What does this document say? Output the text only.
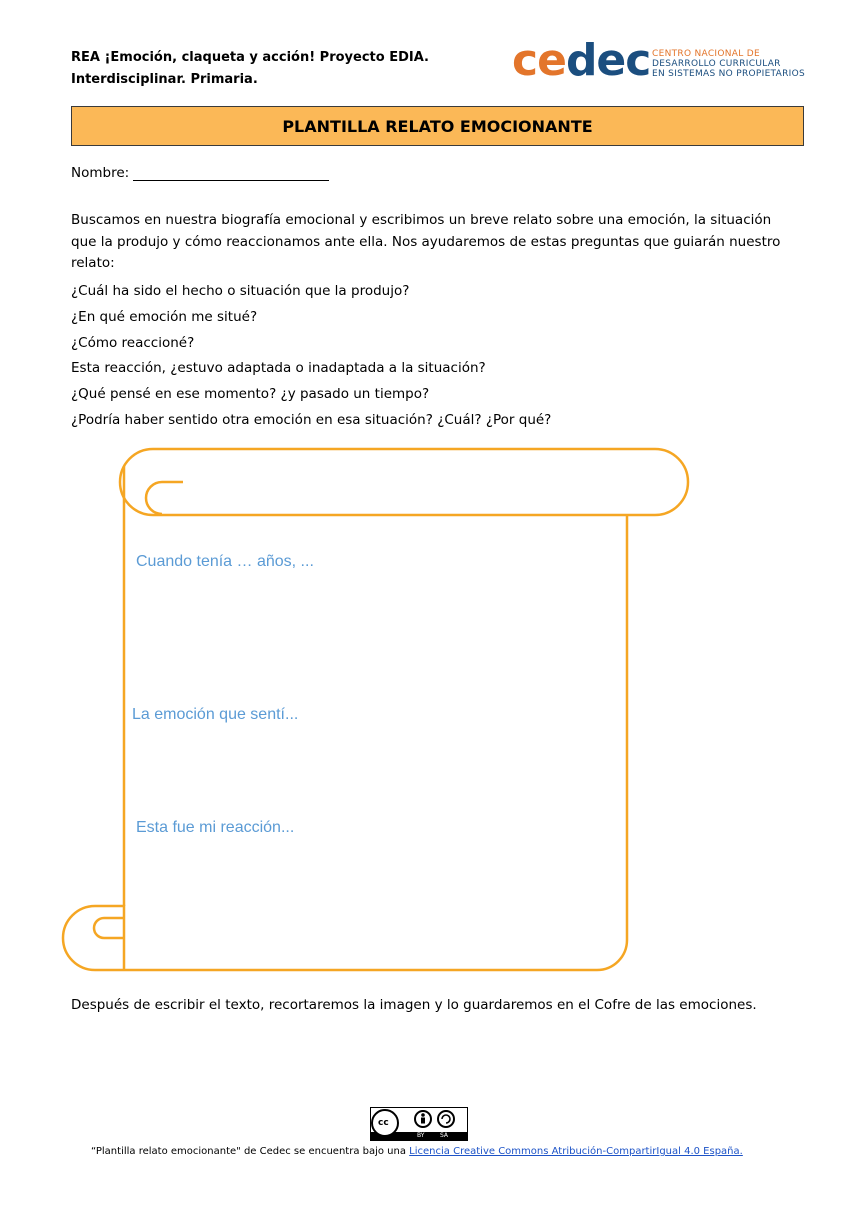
REA ¡Emoción, claqueta y acción! Proyecto EDIA.
Interdisciplinar. Primaria.	cedec CENTRO NACIONAL DE
DESARROLLO CURRICULAR
EN SISTEMAS NO PROPIETARIOS
PLANTILLA RELATO EMOCIONANTE
Nombre:
Buscamos en nuestra biografía emocional y escribimos un breve relato sobre una emoción, la situación que la produjo y cómo reaccionamos ante ella. Nos ayudaremos de estas preguntas que guiarán nuestro relato:
¿Cuál ha sido el hecho o situación que la produjo?
¿En qué emoción me situé?
¿Cómo reaccioné?
Esta reacción, ¿estuvo adaptada o inadaptada a la situación?
¿Qué pensé en ese momento? ¿y pasado un tiempo?
¿Podría haber sentido otra emoción en esa situación? ¿Cuál? ¿Por qué?
Cuando tenía … años, ...
La emoción que sentí...
Esta fue mi reacción...
Después de escribir el texto, recortaremos la imagen y lo guardaremos en el Cofre de las emociones.
cc
BY	SA
“Plantilla relato emocionante" de Cedec se encuentra bajo una Licencia Creative Commons Atribución-CompartirIgual 4.0 España.
